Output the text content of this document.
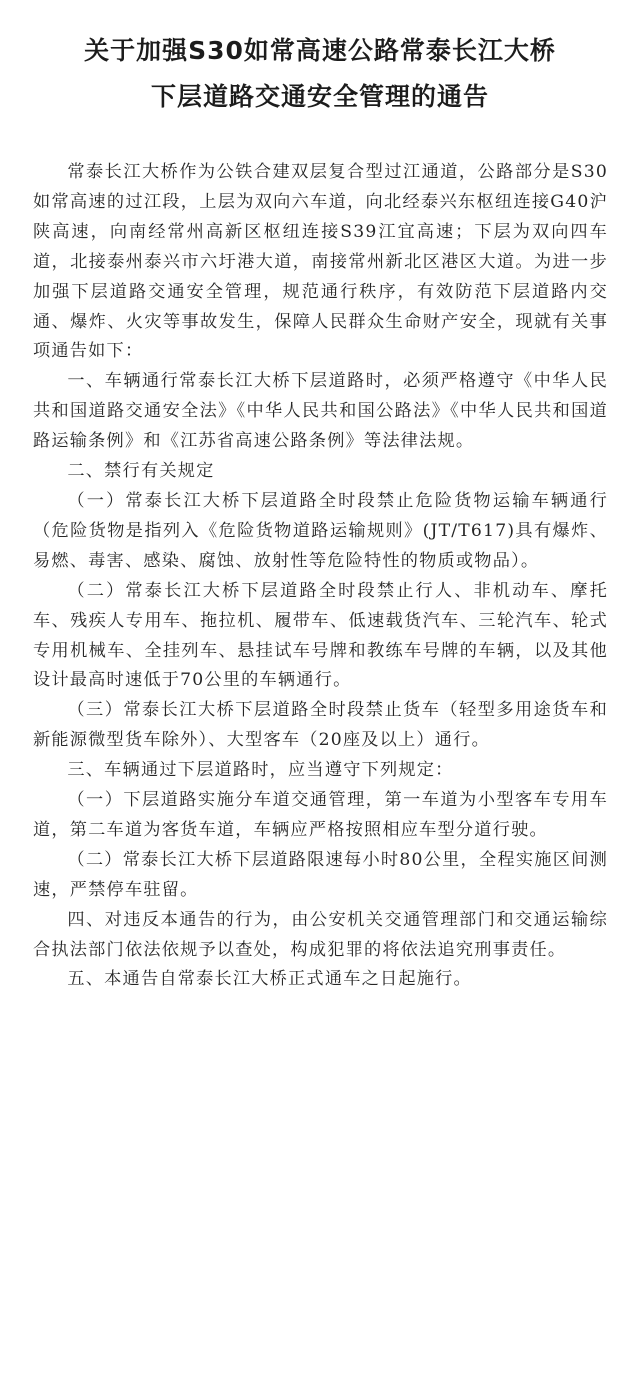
关于加强S30如常高速公路常泰长江大桥
下层道路交通安全管理的通告

常泰长江大桥作为公铁合建双层复合型过江通道，公路部分是S30如常高速的过江段，上层为双向六车道，向北经泰兴东枢纽连接G40沪陕高速，向南经常州高新区枢纽连接S39江宜高速；下层为双向四车道，北接泰州泰兴市六圩港大道，南接常州新北区港区大道。为进一步加强下层道路交通安全管理，规范通行秩序，有效防范下层道路内交通、爆炸、火灾等事故发生，保障人民群众生命财产安全，现就有关事项通告如下：

一、车辆通行常泰长江大桥下层道路时，必须严格遵守《中华人民共和国道路交通安全法》《中华人民共和国公路法》《中华人民共和国道路运输条例》和《江苏省高速公路条例》等法律法规。

二、禁行有关规定

（一）常泰长江大桥下层道路全时段禁止危险货物运输车辆通行（危险货物是指列入《危险货物道路运输规则》(JT/T617)具有爆炸、易燃、毒害、感染、腐蚀、放射性等危险特性的物质或物品）。

（二）常泰长江大桥下层道路全时段禁止行人、非机动车、摩托车、残疾人专用车、拖拉机、履带车、低速载货汽车、三轮汽车、轮式专用机械车、全挂列车、悬挂试车号牌和教练车号牌的车辆，以及其他设计最高时速低于70公里的车辆通行。

（三）常泰长江大桥下层道路全时段禁止货车（轻型多用途货车和新能源微型货车除外）、大型客车（20座及以上）通行。

三、车辆通过下层道路时，应当遵守下列规定：

（一）下层道路实施分车道交通管理，第一车道为小型客车专用车道，第二车道为客货车道，车辆应严格按照相应车型分道行驶。

（二）常泰长江大桥下层道路限速每小时80公里，全程实施区间测速，严禁停车驻留。

四、对违反本通告的行为，由公安机关交通管理部门和交通运输综合执法部门依法依规予以查处，构成犯罪的将依法追究刑事责任。

五、本通告自常泰长江大桥正式通车之日起施行。
